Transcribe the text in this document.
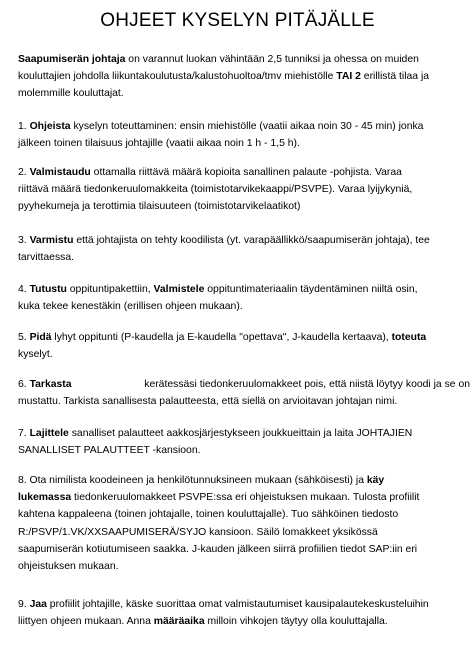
OHJEET KYSELYN PITÄJÄLLE

Saapumiserän johtaja on varannut luokan vähintään 2,5 tunniksi ja ohessa on muiden
kouluttajien johdolla liikuntakoulutusta/kalustohuoltoa/tmv miehistölle TAI 2 erillistä tilaa ja
molemmille kouluttajat.

1. Ohjeista kyselyn toteuttaminen: ensin miehistölle (vaatii aikaa noin 30 - 45 min) jonka
jälkeen toinen tilaisuus johtajille (vaatii aikaa noin 1 h - 1,5 h).

2. Valmistaudu ottamalla riittävä määrä kopioita sanallinen palaute -pohjista. Varaa
riittävä määrä tiedonkeruulomakkeita (toimistotarvikekaappi/PSVPE). Varaa lyijykyniä,
pyyhekumeja ja terottimia tilaisuuteen (toimistotarvikelaatikot)

3. Varmistu että johtajista on tehty koodilista (yt. varapäällikkö/saapumiserän johtaja), tee
tarvittaessa.

4. Tutustu oppituntipakettiin, Valmistele oppituntimateriaalin täydentäminen niiltä osin,
kuka tekee kenestäkin (erillisen ohjeen mukaan).

5. Pidä lyhyt oppitunti (P-kaudella ja E-kaudella "opettava", J-kaudella kertaava), toteuta
kyselyt.

6. Tarkasta	kerätessäsi tiedonkeruulomakkeet pois, että niistä löytyy koodi ja se on
mustattu. Tarkista sanallisesta palautteesta, että siellä on arvioitavan johtajan nimi.

7. Lajittele sanalliset palautteet aakkosjärjestykseen joukkueittain ja laita JOHTAJIEN
SANALLISET PALAUTTEET -kansioon.

8. Ota nimilista koodeineen ja henkilötunnuksineen mukaan (sähköisesti) ja käy
lukemassa tiedonkeruulomakkeet PSVPE:ssa eri ohjeistuksen mukaan. Tulosta profiilit
kahtena kappaleena (toinen johtajalle, toinen kouluttajalle). Tuo sähköinen tiedosto
R:/PSVP/1.VK/XXSAAPUMISERÄ/SYJO kansioon. Säilö lomakkeet yksikössä
saapumiserän kotiutumiseen saakka. J-kauden jälkeen siirrä profiilien tiedot SAP:iin eri
ohjeistuksen mukaan.

9. Jaa profiilit johtajille, käske suorittaa omat valmistautumiset kausipalautekeskusteluihin
liittyen ohjeen mukaan. Anna määräaika milloin vihkojen täytyy olla kouluttajalla.
